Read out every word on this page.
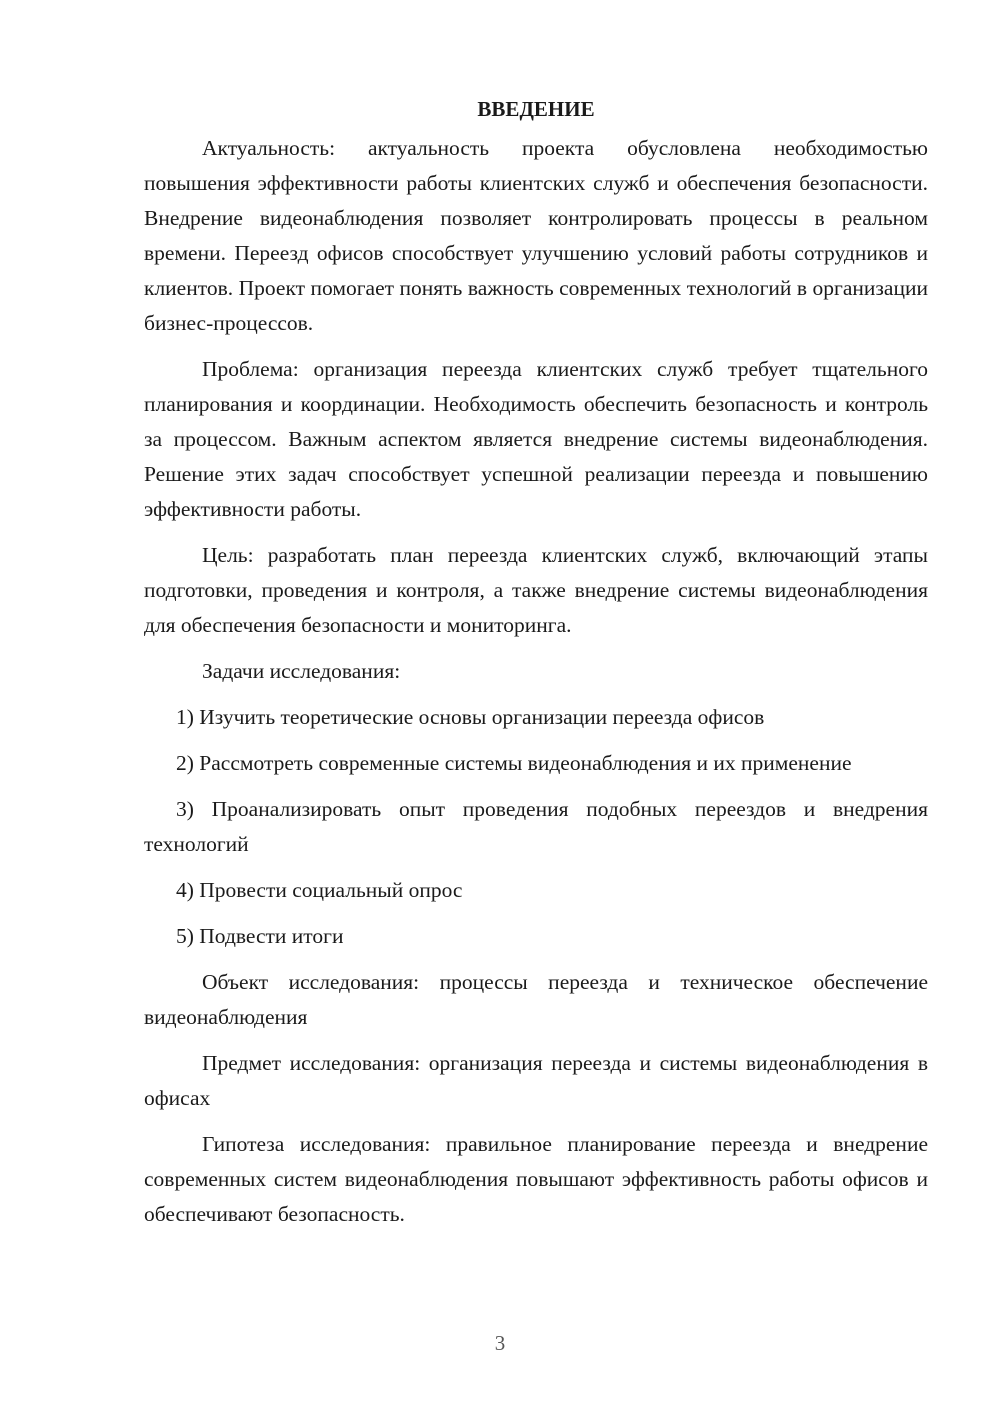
ВВЕДЕНИЕ

Актуальность: актуальность проекта обусловлена необходимостью повышения эффективности работы клиентских служб и обеспечения безопасности. Внедрение видеонаблюдения позволяет контролировать процессы в реальном времени. Переезд офисов способствует улучшению условий работы сотрудников и клиентов. Проект помогает понять важность современных технологий в организации бизнес-процессов.

Проблема: организация переезда клиентских служб требует тщательного планирования и координации. Необходимость обеспечить безопасность и контроль за процессом. Важным аспектом является внедрение системы видеонаблюдения. Решение этих задач способствует успешной реализации переезда и повышению эффективности работы.

Цель: разработать план переезда клиентских служб, включающий этапы подготовки, проведения и контроля, а также внедрение системы видеонаблюдения для обеспечения безопасности и мониторинга.

Задачи исследования:

1) Изучить теоретические основы организации переезда офисов

2) Рассмотреть современные системы видеонаблюдения и их применение

3) Проанализировать опыт проведения подобных переездов и внедрения технологий

4) Провести социальный опрос

5) Подвести итоги

Объект исследования: процессы переезда и техническое обеспечение видеонаблюдения

Предмет исследования: организация переезда и системы видеонаблюдения в офисах

Гипотеза исследования: правильное планирование переезда и внедрение современных систем видеонаблюдения повышают эффективность работы офисов и обеспечивают безопасность.

3
